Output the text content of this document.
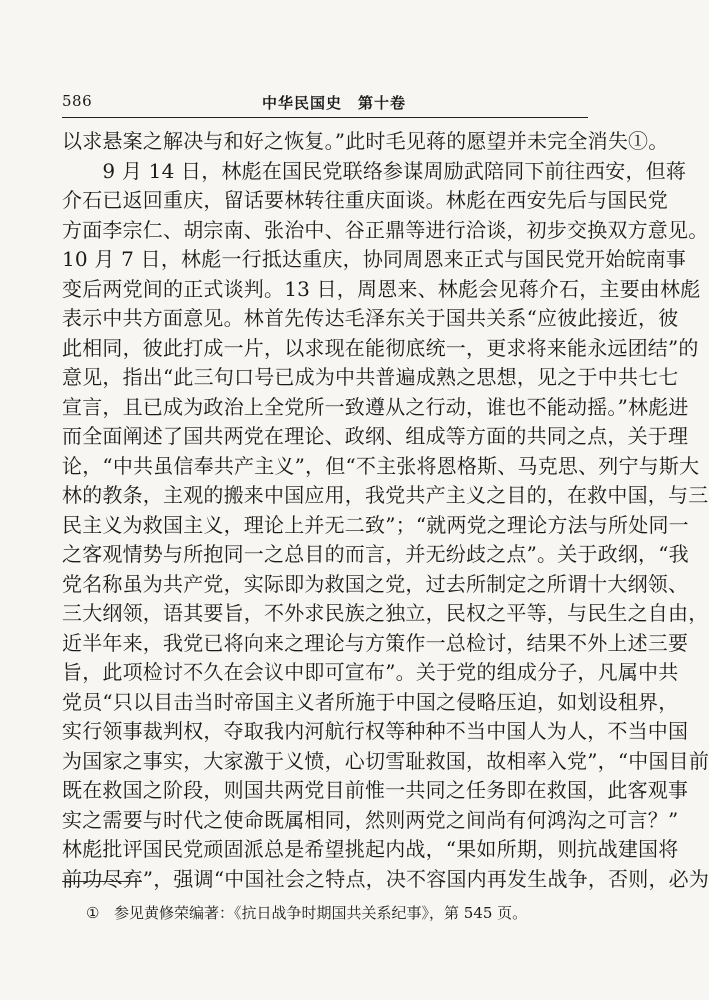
586	中华民国史　第十卷
以求悬案之解决与和好之恢复。”此时毛见蒋的愿望并未完全消失①。
　　9 月 14 日，林彪在国民党联络参谋周励武陪同下前往西安，但蒋
介石已返回重庆，留话要林转往重庆面谈。林彪在西安先后与国民党
方面李宗仁、胡宗南、张治中、谷正鼎等进行洽谈，初步交换双方意见。
10 月 7 日，林彪一行抵达重庆，协同周恩来正式与国民党开始皖南事
变后两党间的正式谈判。13 日，周恩来、林彪会见蒋介石，主要由林彪
表示中共方面意见。林首先传达毛泽东关于国共关系“应彼此接近，彼
此相同，彼此打成一片，以求现在能彻底统一，更求将来能永远团结”的
意见，指出“此三句口号已成为中共普遍成熟之思想，见之于中共七七
宣言，且已成为政治上全党所一致遵从之行动，谁也不能动摇。”林彪进
而全面阐述了国共两党在理论、政纲、组成等方面的共同之点，关于理
论，“中共虽信奉共产主义”，但“不主张将恩格斯、马克思、列宁与斯大
林的教条，主观的搬来中国应用，我党共产主义之目的，在救中国，与三
民主义为救国主义，理论上并无二致”；“就两党之理论方法与所处同一
之客观情势与所抱同一之总目的而言，并无纷歧之点”。关于政纲，“我
党名称虽为共产党，实际即为救国之党，过去所制定之所谓十大纲领、
三大纲领，语其要旨，不外求民族之独立，民权之平等，与民生之自由，
近半年来，我党已将向来之理论与方策作一总检讨，结果不外上述三要
旨，此项检讨不久在会议中即可宣布”。关于党的组成分子，凡属中共
党员“只以目击当时帝国主义者所施于中国之侵略压迫，如划设租界，
实行领事裁判权，夺取我内河航行权等种种不当中国人为人，不当中国
为国家之事实，大家激于义愤，心切雪耻救国，故相率入党”，“中国目前
既在救国之阶段，则国共两党目前惟一共同之任务即在救国，此客观事
实之需要与时代之使命既属相同，然则两党之间尚有何鸿沟之可言？”
林彪批评国民党顽固派总是希望挑起内战，“果如所期，则抗战建国将
前功尽弃”，强调“中国社会之特点，决不容国内再发生战争，否则，必为
① 参见黄修荣编著：《抗日战争时期国共关系纪事》，第 545 页。
